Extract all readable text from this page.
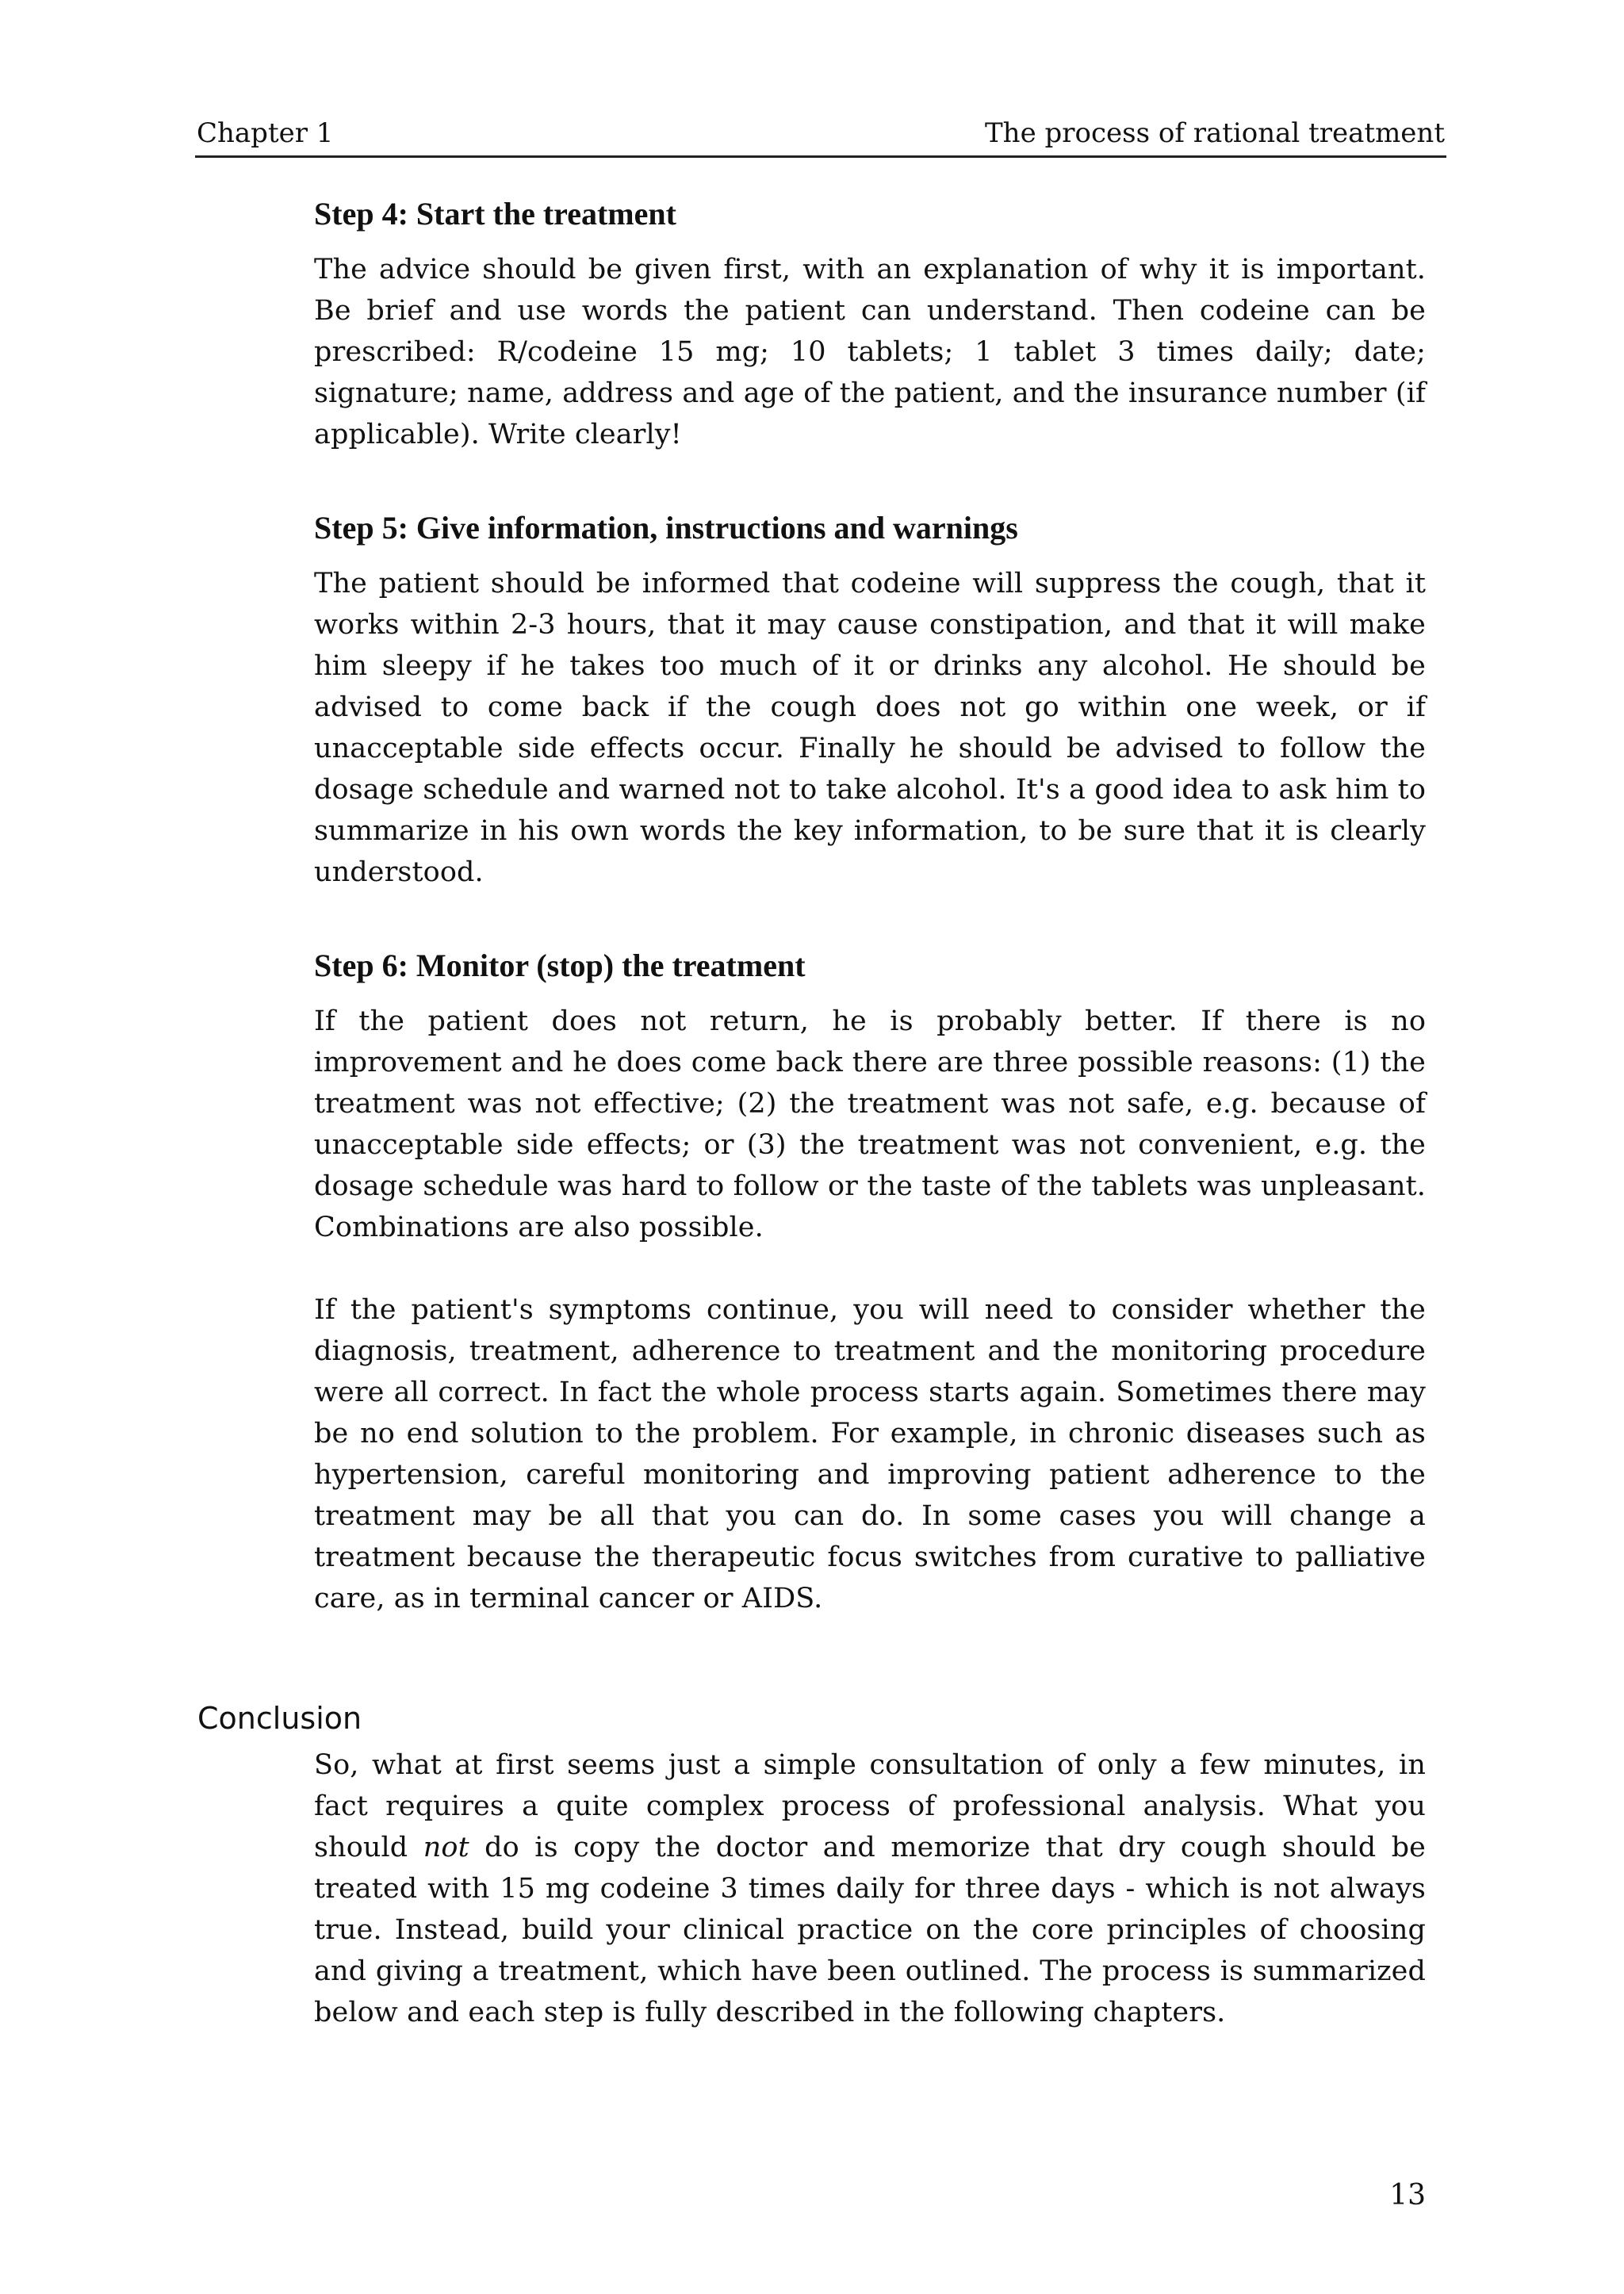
Chapter 1	The process of rational treatment
Step 4: Start the treatment

The advice should be given first, with an explanation of why it is important. Be brief and use words the patient can understand. Then codeine can be prescribed: R/codeine 15 mg; 10 tablets; 1 tablet 3 times daily; date; signature; name, address and age of the patient, and the insurance number (if applicable). Write clearly!

Step 5: Give information, instructions and warnings

The patient should be informed that codeine will suppress the cough, that it works within 2-3 hours, that it may cause constipation, and that it will make him sleepy if he takes too much of it or drinks any alcohol. He should be advised to come back if the cough does not go within one week, or if unacceptable side effects occur. Finally he should be advised to follow the dosage schedule and warned not to take alcohol. It's a good idea to ask him to summarize in his own words the key information, to be sure that it is clearly understood.

Step 6: Monitor (stop) the treatment

If the patient does not return, he is probably better. If there is no improvement and he does come back there are three possible reasons: (1) the treatment was not effective; (2) the treatment was not safe, e.g. because of unacceptable side effects; or (3) the treatment was not convenient, e.g. the dosage schedule was hard to follow or the taste of the tablets was unpleasant. Combinations are also possible.

If the patient's symptoms continue, you will need to consider whether the diagnosis, treatment, adherence to treatment and the monitoring procedure were all correct. In fact the whole process starts again. Sometimes there may be no end solution to the problem. For example, in chronic diseases such as hypertension, careful monitoring and improving patient adherence to the treatment may be all that you can do. In some cases you will change a treatment because the therapeutic focus switches from curative to palliative care, as in terminal cancer or AIDS.

Conclusion

So, what at first seems just a simple consultation of only a few minutes, in fact requires a quite complex process of professional analysis. What you should not do is copy the doctor and memorize that dry cough should be treated with 15 mg codeine 3 times daily for three days - which is not always true. Instead, build your clinical practice on the core principles of choosing and giving a treatment, which have been outlined. The process is summarized below and each step is fully described in the following chapters.

13
